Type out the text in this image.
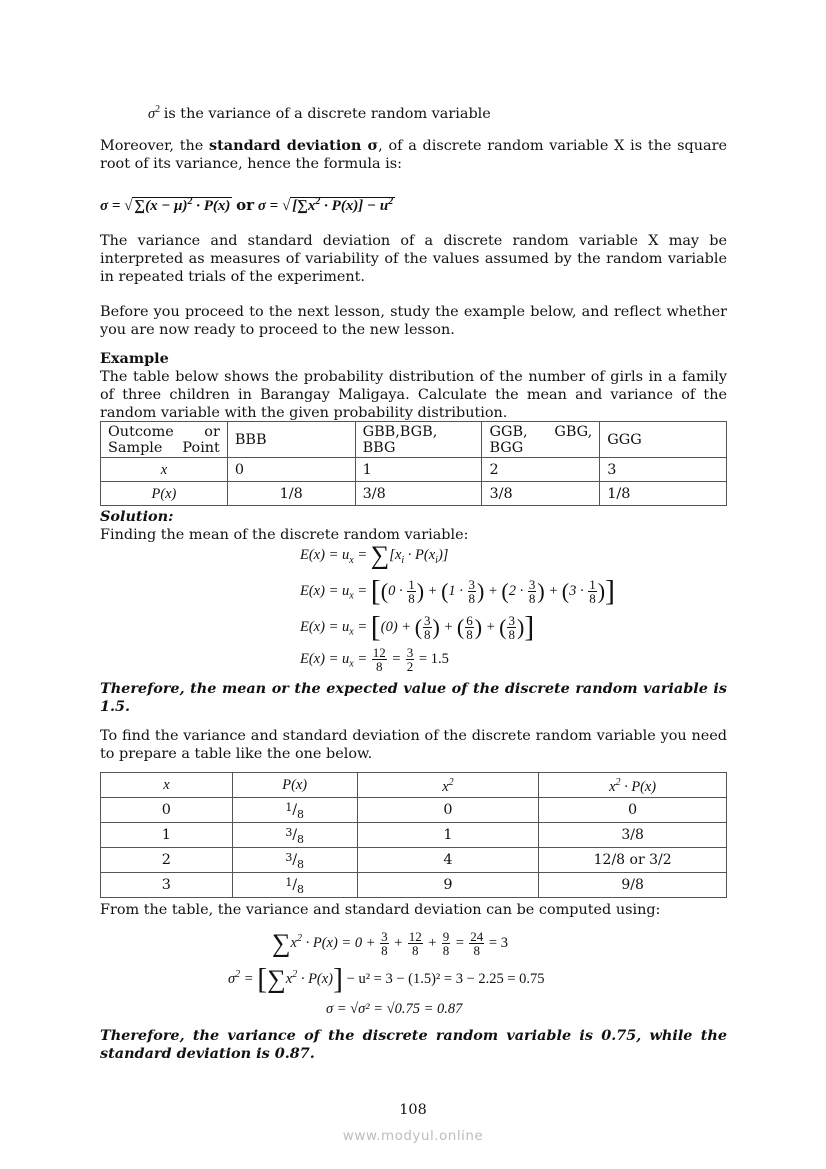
$\sigma^2$ is the variance of a discrete random variable
Moreover, the standard deviation σ, of a discrete random variable X is the square root of its variance, hence the formula is:
σ = √ $\sum(x - \mu)^2 \cdot P(x)$ or σ = √ $[\sum x^2 \cdot P(x)] - u^2$
The variance and standard deviation of a discrete random variable X may be interpreted as measures of variability of the values assumed by the random variable in repeated trials of the experiment.
Before you proceed to the next lesson, study the example below, and reflect whether you are now ready to proceed to the new lesson.
Example
The table below shows the probability distribution of the number of girls in a family of three children in Barangay Maligaya. Calculate the mean and variance of the random variable with the given probability distribution.
Outcome or Sample Point	BBB	GBB,BGB, BBG	GGB, GBG, BGG	GGG
x	0	1	2	3
P(x)	1/8	3/8	3/8	1/8
Solution:
Finding the mean of the discrete random variable:
$E(x) = u_x = \sum[x_i \cdot P(x_i)]$
$E(x) = u_x = [(0 \cdot \frac{1}{8}$ ) + ($1 \cdot \frac{3}{8}$ ) + ($2 \cdot \frac{3}{8}$ ) + ($3 \cdot \frac{1}{8}$ )]
$E(x) = u_x = [(0)$ + ( $\frac{3}{8}$ ) + ( $\frac{6}{8}$ ) + ( $\frac{3}{8}$ )]
$E(x) = u_x = \frac{12}{8} = \frac{3}{2} = 1.5$
Therefore, the mean or the expected value of the discrete random variable is 1.5.
To find the variance and standard deviation of the discrete random variable you need to prepare a table like the one below.
x	P(x)	$x^2$	$x^2 \cdot P(x)$
0	$^1/_8$	0	0
1	$^3/_8$	1	3/8
2	$^3/_8$	4	12/8 or 3/2
3	$^1/_8$	9	9/8
From the table, the variance and standard deviation can be computed using:
$\sum x^2 \cdot P(x) = 0 + \frac{3}{8} + \frac{12}{8} + \frac{9}{8} = \frac{24}{8} = 3$
$\sigma^2 = [\sum x^2 \cdot P(x)] - u^2 = 3 - (1.5)^2 = 3 - 2.25 = 0.75$
σ = √σ² = √0.75 = 0.87
Therefore, the variance of the discrete random variable is 0.75, while the standard deviation is 0.87.
108
www.modyul.online
